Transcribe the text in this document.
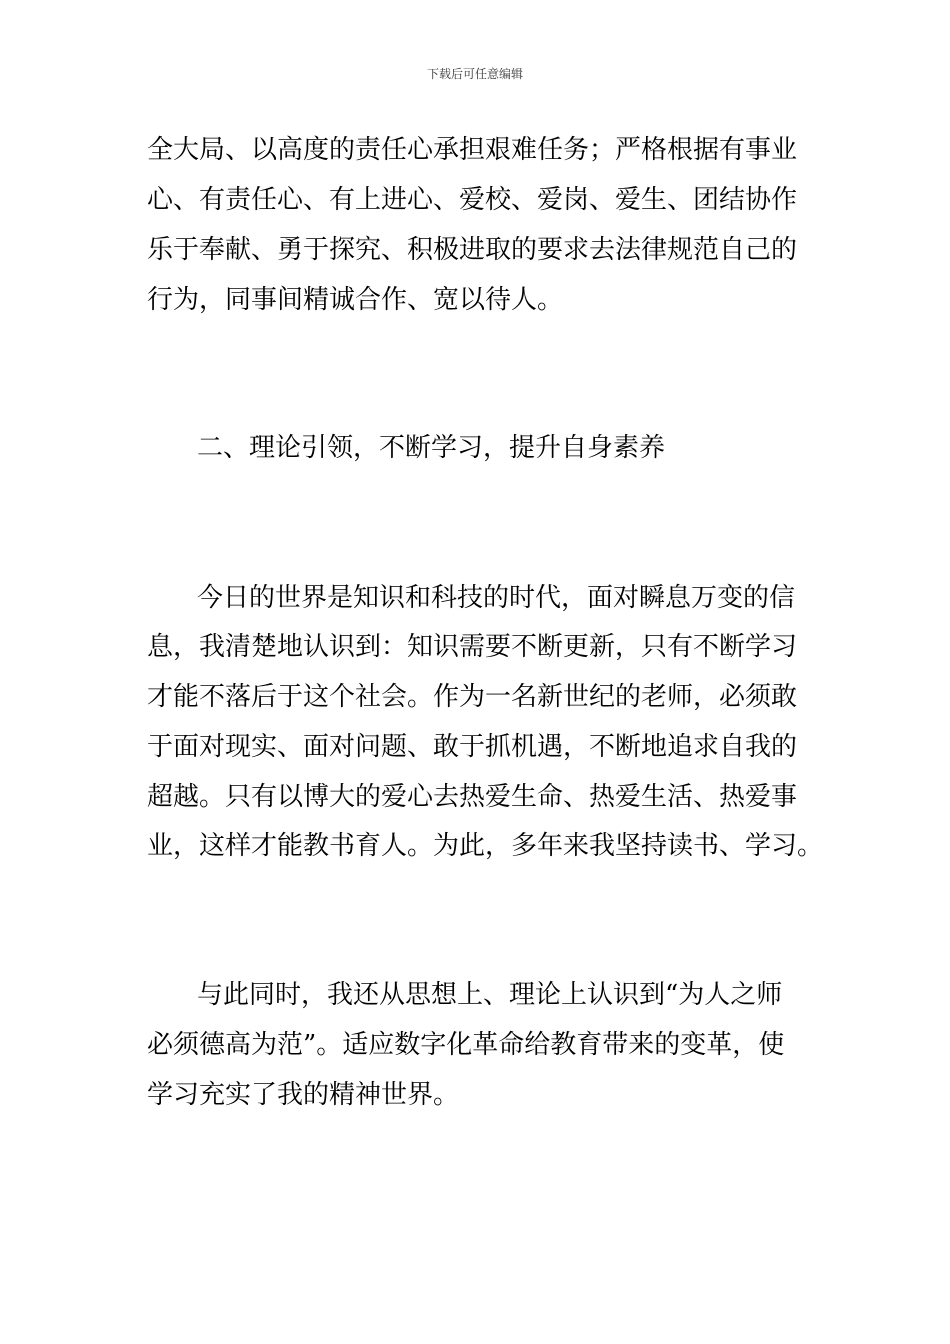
下载后可任意编辑
全大局、以高度的责任心承担艰难任务；严格根据有事业
心、有责任心、有上进心、爱校、爱岗、爱生、团结协作
乐于奉献、勇于探究、积极进取的要求去法律规范自己的
行为，同事间精诚合作、宽以待人。
二、理论引领，不断学习，提升自身素养
今日的世界是知识和科技的时代，面对瞬息万变的信
息，我清楚地认识到：知识需要不断更新，只有不断学习
才能不落后于这个社会。作为一名新世纪的老师，必须敢
于面对现实、面对问题、敢于抓机遇，不断地追求自我的
超越。只有以博大的爱心去热爱生命、热爱生活、热爱事
业，这样才能教书育人。为此，多年来我坚持读书、学习。
与此同时，我还从思想上、理论上认识到“为人之师
必须德高为范”。适应数字化革命给教育带来的变革，使
学习充实了我的精神世界。
